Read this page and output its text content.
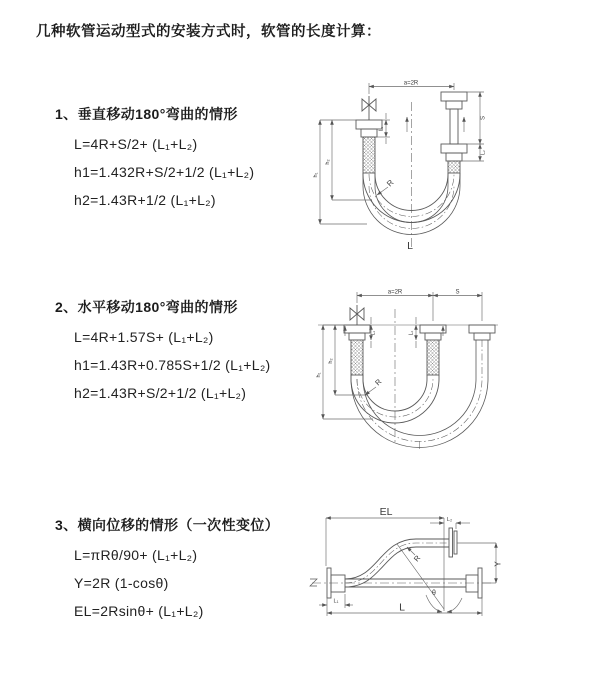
几种软管运动型式的安装方式时，软管的长度计算：
1、垂直移动180°弯曲的情形

L=4R+S/2+ (L₁+L₂)

h1=1.432R+S/2+1/2 (L₁+L₂)

h2=1.43R+1/2 (L₁+L₂)

2、水平移动180°弯曲的情形

L=4R+1.57S+ (L₁+L₂)

h1=1.43R+0.785S+1/2 (L₁+L₂)

h2=1.43R+S/2+1/2 (L₁+L₂)

3、横向位移的情形（一次性变位）

L=πRθ/90+ (L₁+L₂)

Y=2R (1-cosθ)

EL=2Rsinθ+ (L₁+L₂)

a=2R
L₁
S
L₂
h₂
h₁
R
L
a=2R	S
L₁	L₂
h₂
h₁
R
EL
L₂
Y
R
θ
L
L₁
